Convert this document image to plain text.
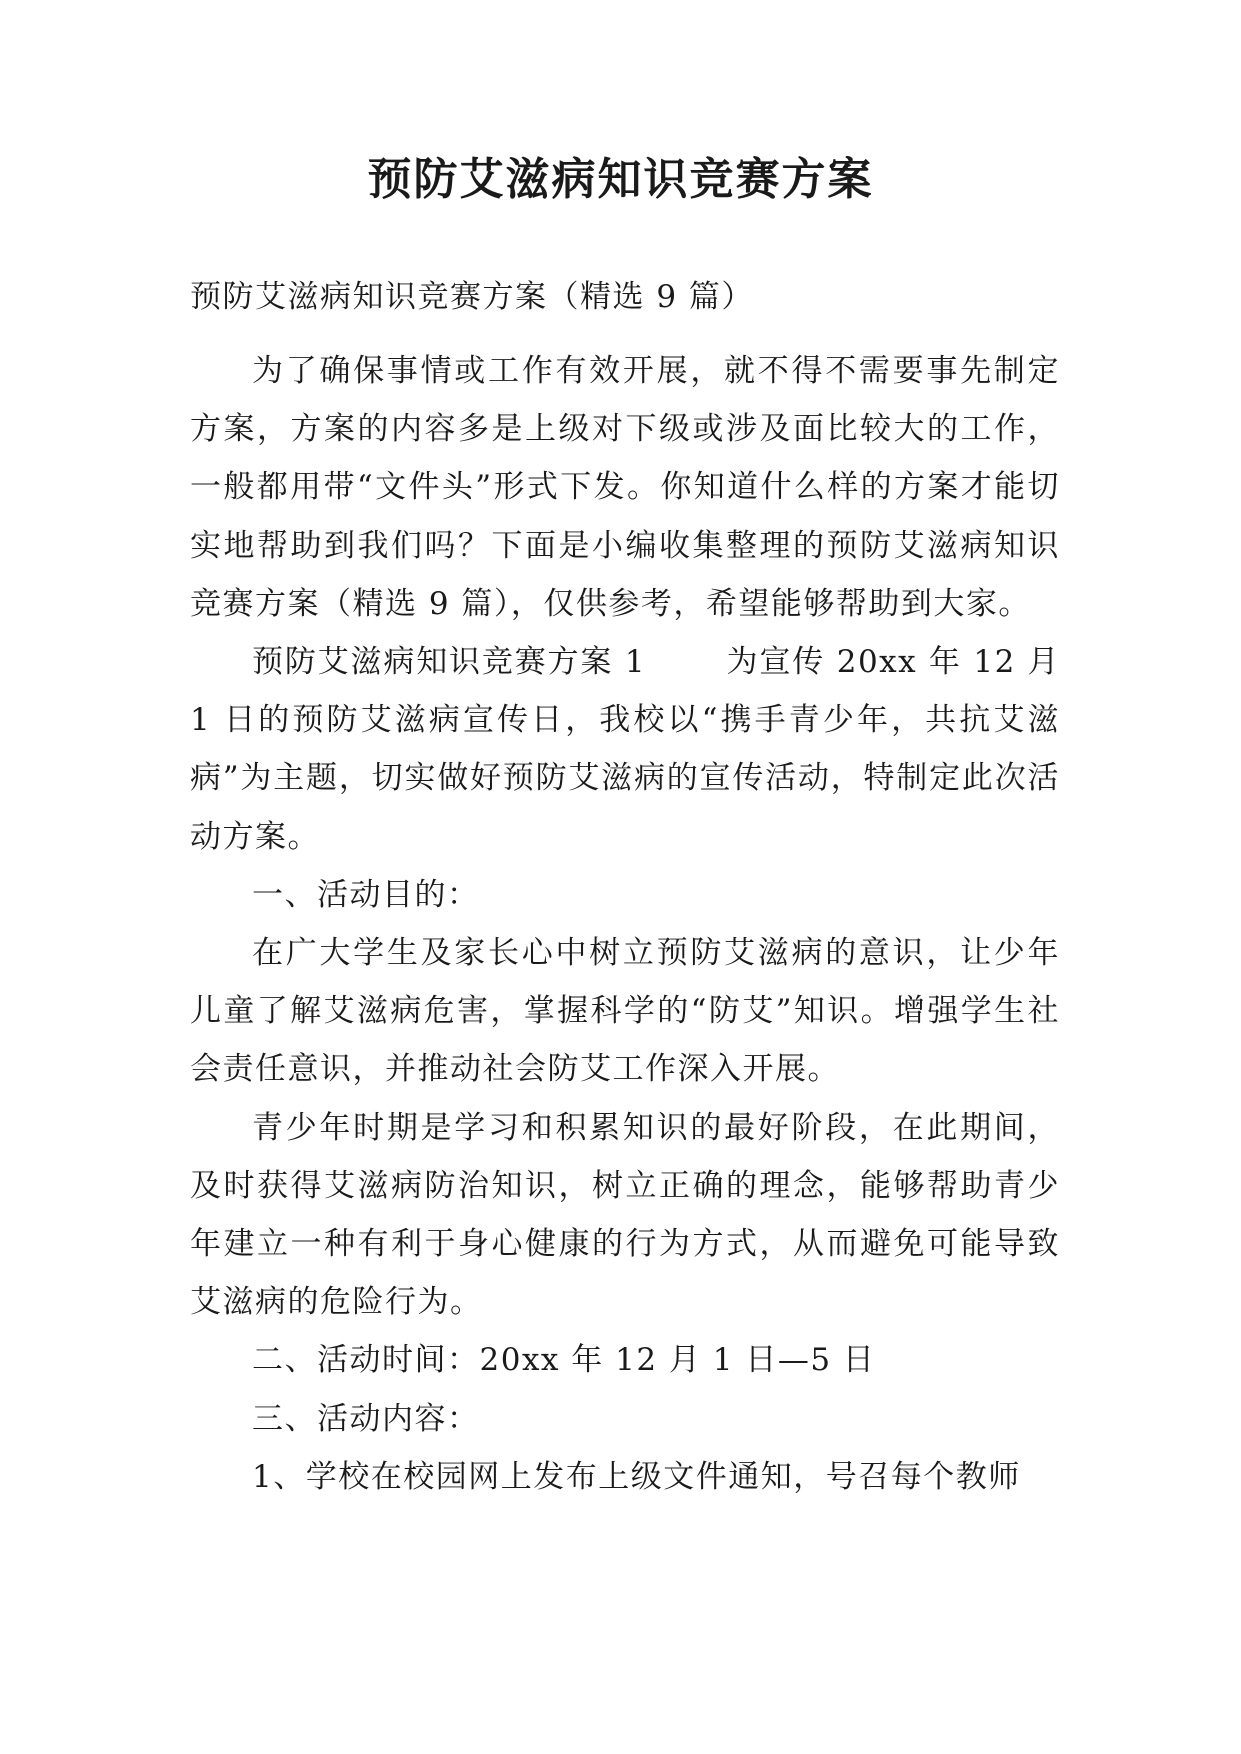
预防艾滋病知识竞赛方案

预防艾滋病知识竞赛方案（精选 9 篇）

为了确保事情或工作有效开展，就不得不需要事先制定方案，方案的内容多是上级对下级或涉及面比较大的工作，一般都用带“文件头”形式下发。你知道什么样的方案才能切实地帮助到我们吗？下面是小编收集整理的预防艾滋病知识竞赛方案（精选 9 篇），仅供参考，希望能够帮助到大家。

预防艾滋病知识竞赛方案 1	为宣传 20xx 年 12 月 1 日的预防艾滋病宣传日，我校以“携手青少年，共抗艾滋病”为主题，切实做好预防艾滋病的宣传活动，特制定此次活动方案。

一、活动目的：

在广大学生及家长心中树立预防艾滋病的意识，让少年儿童了解艾滋病危害，掌握科学的“防艾”知识。增强学生社会责任意识，并推动社会防艾工作深入开展。

青少年时期是学习和积累知识的最好阶段，在此期间，及时获得艾滋病防治知识，树立正确的理念，能够帮助青少年建立一种有利于身心健康的行为方式，从而避免可能导致艾滋病的危险行为。

二、活动时间：20xx 年 12 月 1 日—5 日

三、活动内容：

1、学校在校园网上发布上级文件通知，号召每个教师
